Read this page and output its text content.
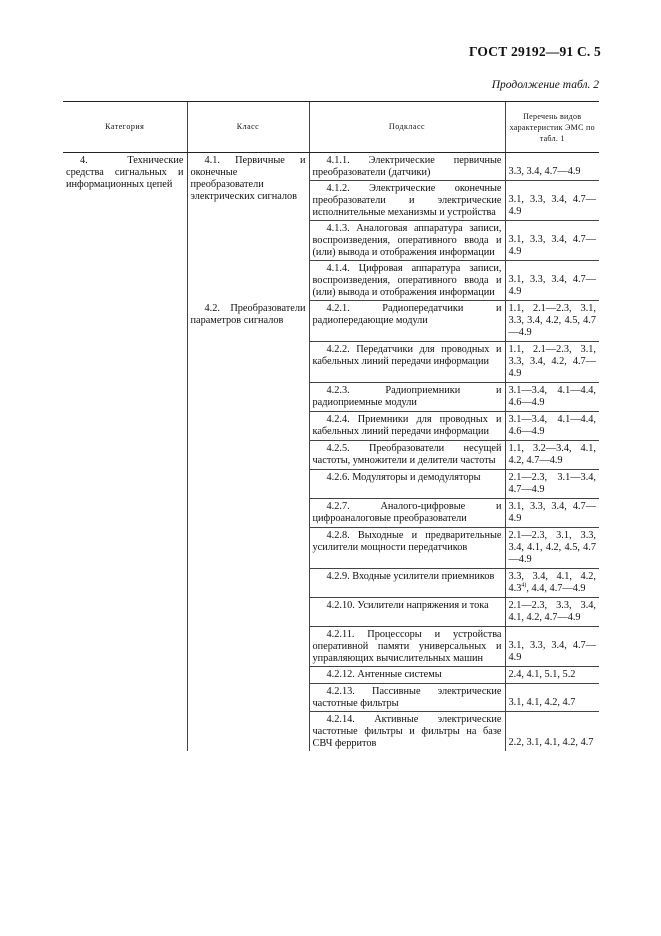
ГОСТ 29192—91 С. 5
Продолжение табл. 2
Категория	Класс	Подкласс	Перечень видов характеристик ЭМС по табл. 1

4. Технические средства сигнальных и информационных цепей	4.1. Первичные и оконечные преобразователи электрических сигналов	4.1.1. Электрические первичные преобразователи (датчики)	3.3, 3.4, 4.7—4.9

		4.1.2. Электрические оконечные преобразователи и электрические исполнительные механизмы и устройства	3.1, 3.3, 3.4, 4.7—4.9

		4.1.3. Аналоговая аппаратура записи, воспроизведения, оперативного ввода и (или) вывода и отображения информации	3.1, 3.3, 3.4, 4.7—4.9

		4.1.4. Цифровая аппаратура записи, воспроизведения, оперативного ввода и (или) вывода и отображения информации	3.1, 3.3, 3.4, 4.7—4.9

	4.2. Преобразователи параметров сигналов	4.2.1. Радиопередатчики и радиопередающие модули	1.1, 2.1—2.3, 3.1, 3.3, 3.4, 4.2, 4.5, 4.7—4.9

		4.2.2. Передатчики для проводных и кабельных линий передачи информации	1.1, 2.1—2.3, 3.1, 3.3, 3.4, 4.2, 4.7—4.9

		4.2.3. Радиоприемники и радиоприемные модули	3.1—3.4, 4.1—4.4, 4.6—4.9

		4.2.4. Приемники для проводных и кабельных линий передачи информации	3.1—3.4, 4.1—4.4, 4.6—4.9

		4.2.5. Преобразователи несущей частоты, умножители и делители частоты	1.1, 3.2—3.4, 4.1, 4.2, 4.7—4.9

		4.2.6. Модуляторы и демодуляторы	2.1—2.3, 3.1—3.4, 4.7—4.9

		4.2.7. Аналого-цифровые и цифроаналоговые преобразователи	3.1, 3.3, 3.4, 4.7—4.9

		4.2.8. Выходные и предварительные усилители мощности передатчиков	2.1—2.3, 3.1, 3.3, 3.4, 4.1, 4.2, 4.5, 4.7—4.9

		4.2.9. Входные усилители приемников	3.3, 3.4, 4.1, 4.2, 4.3$^{4)}$, 4.4, 4.7—4.9

		4.2.10. Усилители напряжения и тока	2.1—2.3, 3.3, 3.4, 4.1, 4.2, 4.7—4.9

		4.2.11. Процессоры и устройства оперативной памяти универсальных и управляющих вычислительных машин	3.1, 3.3, 3.4, 4.7—4.9

		4.2.12. Антенные системы	2.4, 4.1, 5.1, 5.2

		4.2.13. Пассивные электрические частотные фильтры	3.1, 4.1, 4.2, 4.7

		4.2.14. Активные электрические частотные фильтры и фильтры на базе СВЧ ферритов	2.2, 3.1, 4.1, 4.2, 4.7
